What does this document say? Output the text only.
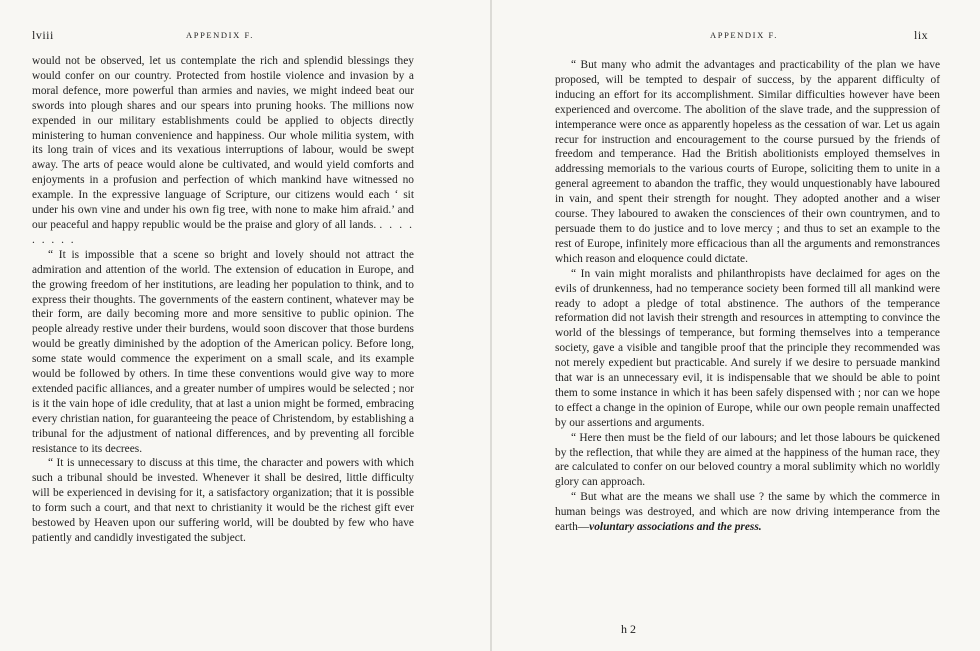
lviii	APPENDIX F.

would not be observed, let us contemplate the rich and splendid blessings they would confer on our country. Protected from hostile violence and invasion by a moral defence, more powerful than armies and navies, we might indeed beat our swords into plough shares and our spears into pruning hooks. The millions now expended in our military establishments could be applied to objects directly ministering to human convenience and happiness. Our whole militia system, with its long train of vices and its vexatious interruptions of labour, would be swept away. The arts of peace would alone be cultivated, and would yield comforts and enjoyments in a profusion and perfection of which mankind have witnessed no example. In the expressive language of Scripture, our citizens would each ‘ sit under his own vine and under his own fig tree, with none to make him afraid.’ and our peaceful and happy republic would be the praise and glory of all lands. . . . . . . . . .

“ It is impossible that a scene so bright and lovely should not attract the admiration and attention of the world. The extension of education in Europe, and the growing freedom of her institutions, are leading her population to think, and to express their thoughts. The governments of the eastern continent, whatever may be their form, are daily becoming more and more sensitive to public opinion. The people already restive under their burdens, would soon discover that those burdens would be greatly diminished by the adoption of the American policy. Before long, some state would commence the experiment on a small scale, and its example would be followed by others. In time these conventions would give way to more extended pacific alliances, and a greater number of umpires would be selected ; nor is it the vain hope of idle credulity, that at last a union might be formed, embracing every christian nation, for guaranteeing the peace of Christendom, by establishing a tribunal for the adjustment of national differences, and by preventing all forcible resistance to its decrees.

“ It is unnecessary to discuss at this time, the character and powers with which such a tribunal should be invested. Whenever it shall be desired, little difficulty will be experienced in devising for it, a satisfactory organization; that it is possible to form such a court, and that next to christianity it would be the richest gift ever bestowed by Heaven upon our suffering world, will be doubted by few who have patiently and candidly investigated the subject.

APPENDIX F.	lix

“ But many who admit the advantages and practicability of the plan we have proposed, will be tempted to despair of success, by the apparent difficulty of inducing an effort for its accomplishment. Similar difficulties however have been experienced and overcome. The abolition of the slave trade, and the suppression of intemperance were once as apparently hopeless as the cessation of war. Let us again recur for instruction and encouragement to the course pursued by the friends of freedom and temperance. Had the British abolitionists employed themselves in addressing memorials to the various courts of Europe, soliciting them to unite in a general agreement to abandon the traffic, they would unquestionably have laboured in vain, and spent their strength for nought. They adopted another and a wiser course. They laboured to awaken the consciences of their own countrymen, and to persuade them to do justice and to love mercy ; and thus to set an example to the rest of Europe, infinitely more efficacious than all the arguments and remonstrances which reason and eloquence could dictate.

“ In vain might moralists and philanthropists have declaimed for ages on the evils of drunkenness, had no temperance society been formed till all mankind were ready to adopt a pledge of total abstinence. The authors of the temperance reformation did not lavish their strength and resources in attempting to convince the world of the blessings of temperance, but forming themselves into a temperance society, gave a visible and tangible proof that the principle they recommended was not merely expedient but practicable. And surely if we desire to persuade mankind that war is an unnecessary evil, it is indispensable that we should be able to point them to some instance in which it has been safely dispensed with ; nor can we hope to effect a change in the opinion of Europe, while our own people remain unaffected by our assertions and arguments.

“ Here then must be the field of our labours; and let those labours be quickened by the reflection, that while they are aimed at the happiness of the human race, they are calculated to confer on our beloved country a moral sublimity which no worldly glory can approach.

“ But what are the means we shall use ? the same by which the commerce in human beings was destroyed, and which are now driving intemperance from the earth—voluntary associations and the press.

h 2
